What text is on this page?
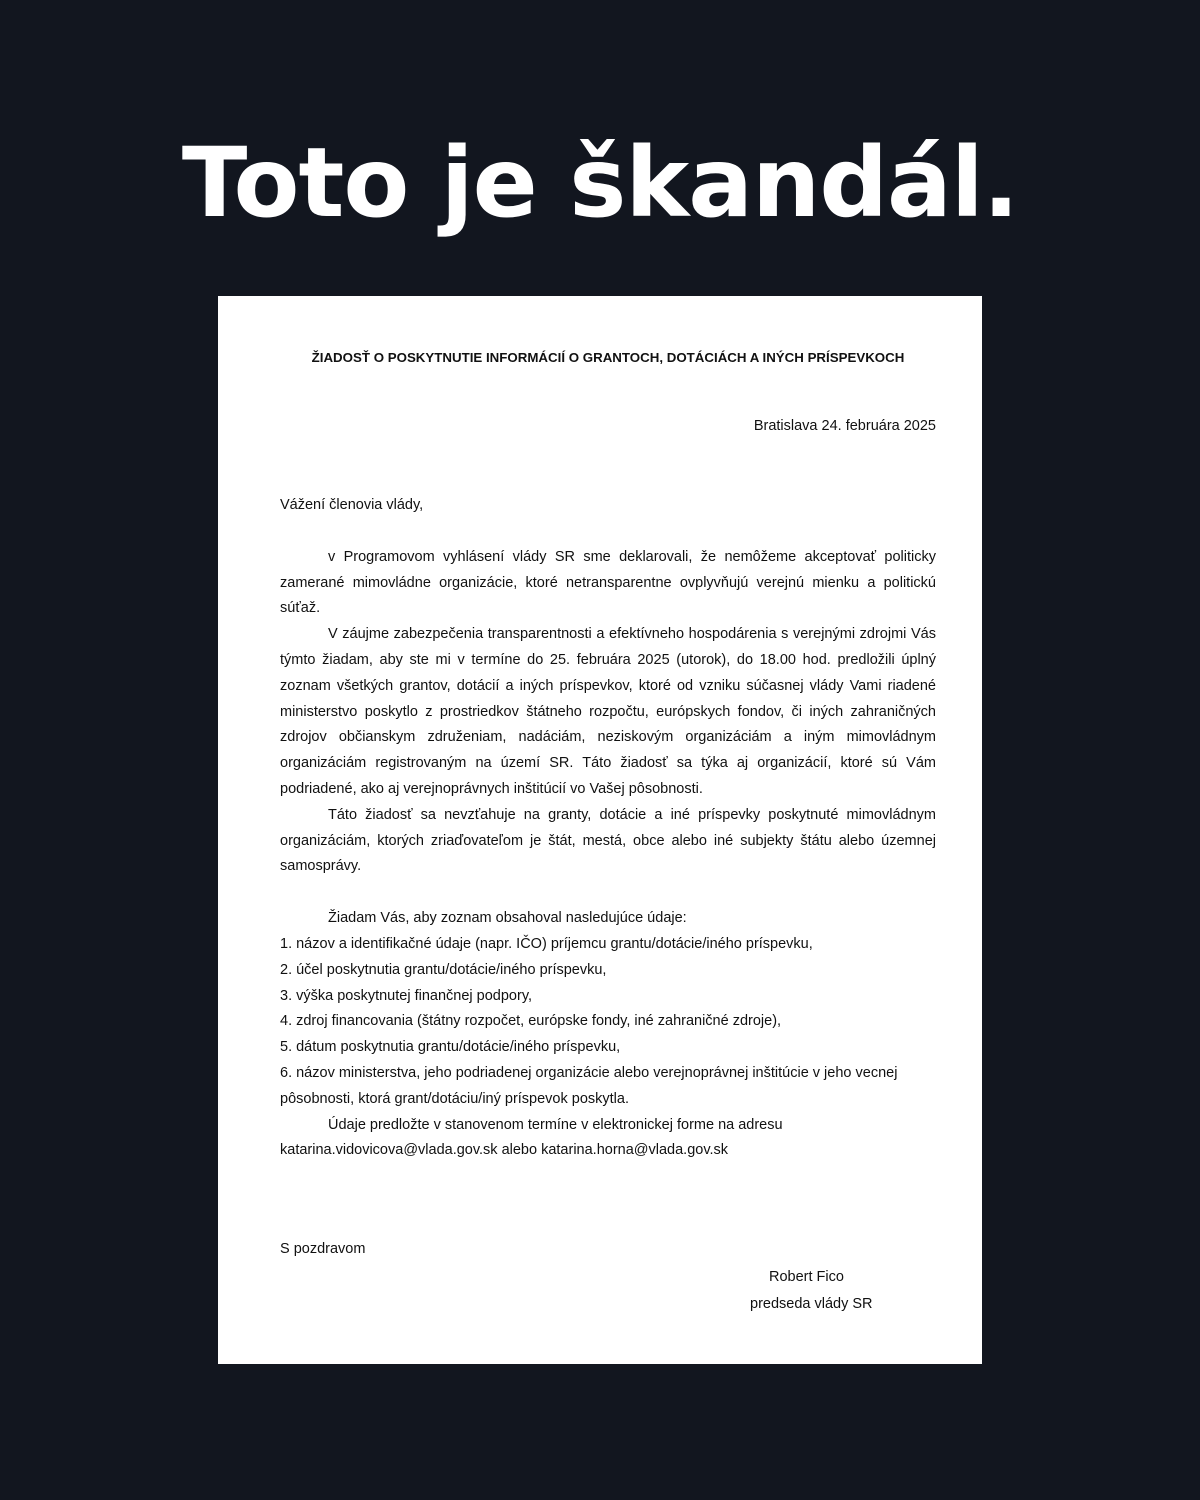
Toto je škandál.
ŽIADOSŤ O POSKYTNUTIE INFORMÁCIÍ O GRANTOCH, DOTÁCIÁCH A INÝCH PRÍSPEVKOCH
Bratislava 24. februára 2025

Vážení členovia vlády,

v Programovom vyhlásení vlády SR sme deklarovali, že nemôžeme akceptovať politicky zamerané mimovládne organizácie, ktoré netransparentne ovplyvňujú verejnú mienku a politickú súťaž.

V záujme zabezpečenia transparentnosti a efektívneho hospodárenia s verejnými zdrojmi Vás týmto žiadam, aby ste mi v termíne do 25. februára 2025 (utorok), do 18.00 hod. predložili úplný zoznam všetkých grantov, dotácií a iných príspevkov, ktoré od vzniku súčasnej vlády Vami riadené ministerstvo poskytlo z prostriedkov štátneho rozpočtu, európskych fondov, či iných zahraničných zdrojov občianskym združeniam, nadáciám, neziskovým organizáciám a iným mimovládnym organizáciám registrovaným na území SR. Táto žiadosť sa týka aj organizácií, ktoré sú Vám podriadené, ako aj verejnoprávnych inštitúcií vo Vašej pôsobnosti.

Táto žiadosť sa nevzťahuje na granty, dotácie a iné príspevky poskytnuté mimovládnym organizáciám, ktorých zriaďovateľom je štát, mestá, obce alebo iné subjekty štátu alebo územnej samosprávy.

Žiadam Vás, aby zoznam obsahoval nasledujúce údaje:

1. názov a identifikačné údaje (napr. IČO) príjemcu grantu/dotácie/iného príspevku,
2. účel poskytnutia grantu/dotácie/iného príspevku,
3. výška poskytnutej finančnej podpory,
4. zdroj financovania (štátny rozpočet, európske fondy, iné zahraničné zdroje),
5. dátum poskytnutia grantu/dotácie/iného príspevku,
6. názov ministerstva, jeho podriadenej organizácie alebo verejnoprávnej inštitúcie v jeho vecnej pôsobnosti, ktorá grant/dotáciu/iný príspevok poskytla.

Údaje predložte v stanovenom termíne v elektronickej forme na adresu

katarina.vidovicova@vlada.gov.sk alebo katarina.horna@vlada.gov.sk

S pozdravom
Robert Fico
predseda vlády SR
